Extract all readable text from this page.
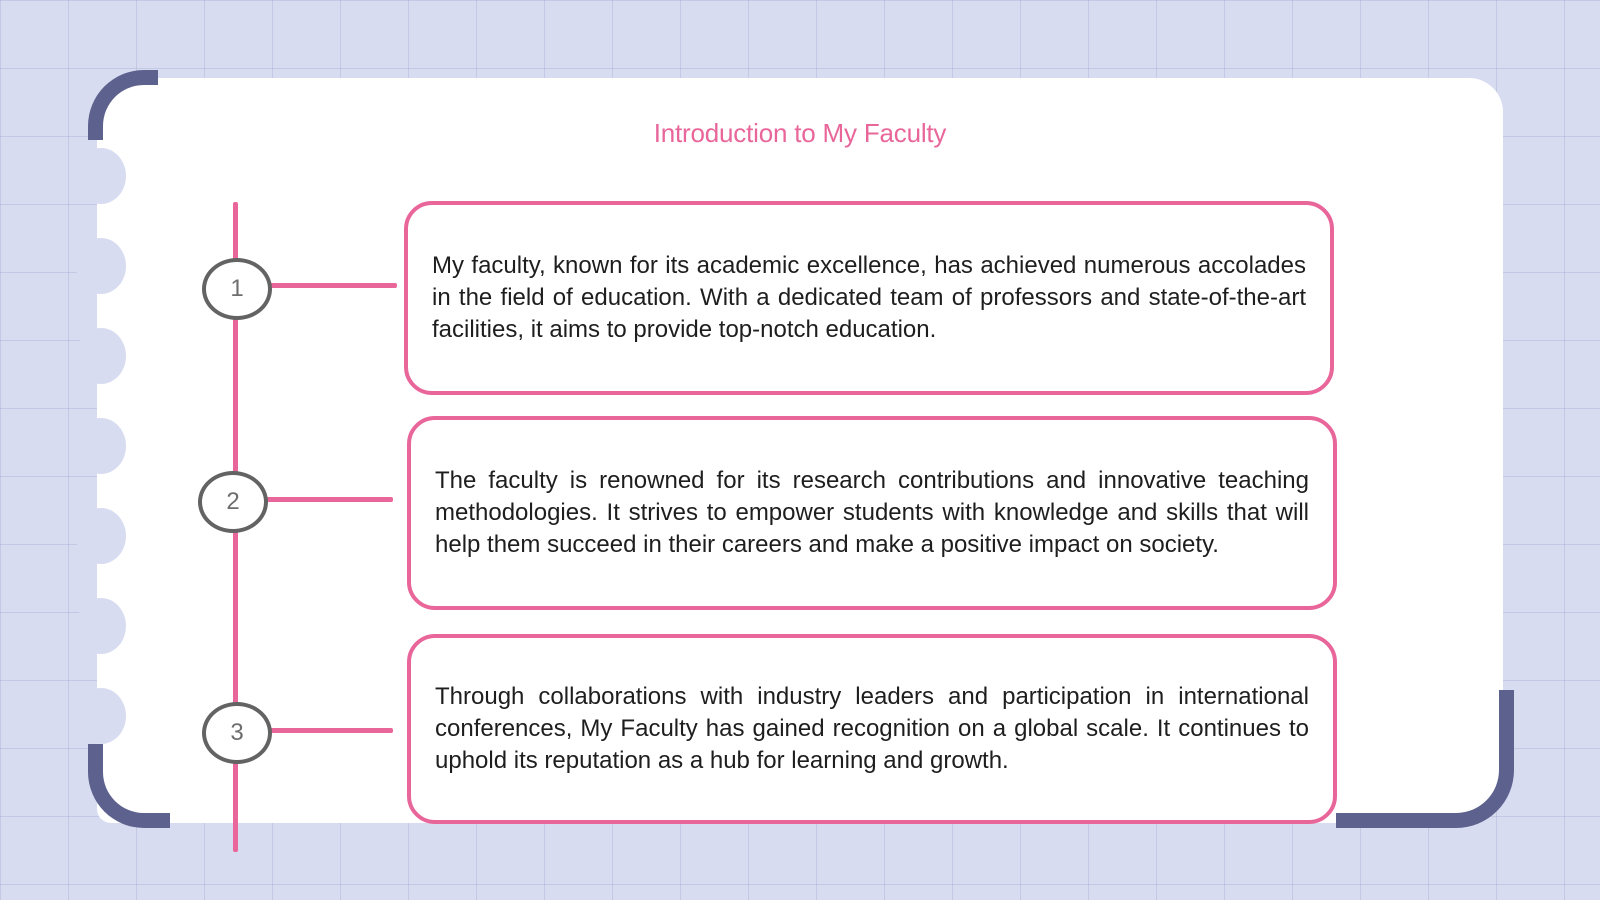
Introduction to My Faculty
1
2
3

My faculty, known for its academic excellence, has achieved numerous accolades in the field of education. With a dedicated team of professors and state-of-the-art facilities, it aims to provide top-notch education.

The faculty is renowned for its research contributions and innovative teaching methodologies. It strives to empower students with knowledge and skills that will help them succeed in their careers and make a positive impact on society.

Through collaborations with industry leaders and participation in international conferences, My Faculty has gained recognition on a global scale. It continues to uphold its reputation as a hub for learning and growth.
